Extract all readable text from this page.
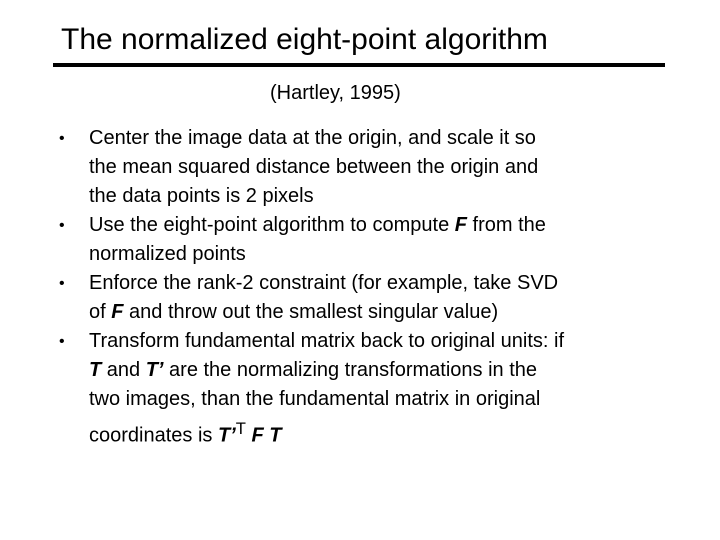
The normalized eight-point algorithm

(Hartley, 1995)

•	Center the image data at the origin, and scale it so
the mean squared distance between the origin and
the data points is 2 pixels
•	Use the eight-point algorithm to compute F from the
normalized points
•	Enforce the rank-2 constraint (for example, take SVD
of F and throw out the smallest singular value)
•	Transform fundamental matrix back to original units: if
T and T’ are the normalizing transformations in the
two images, than the fundamental matrix in original
coordinates is T’$^T$ F T
